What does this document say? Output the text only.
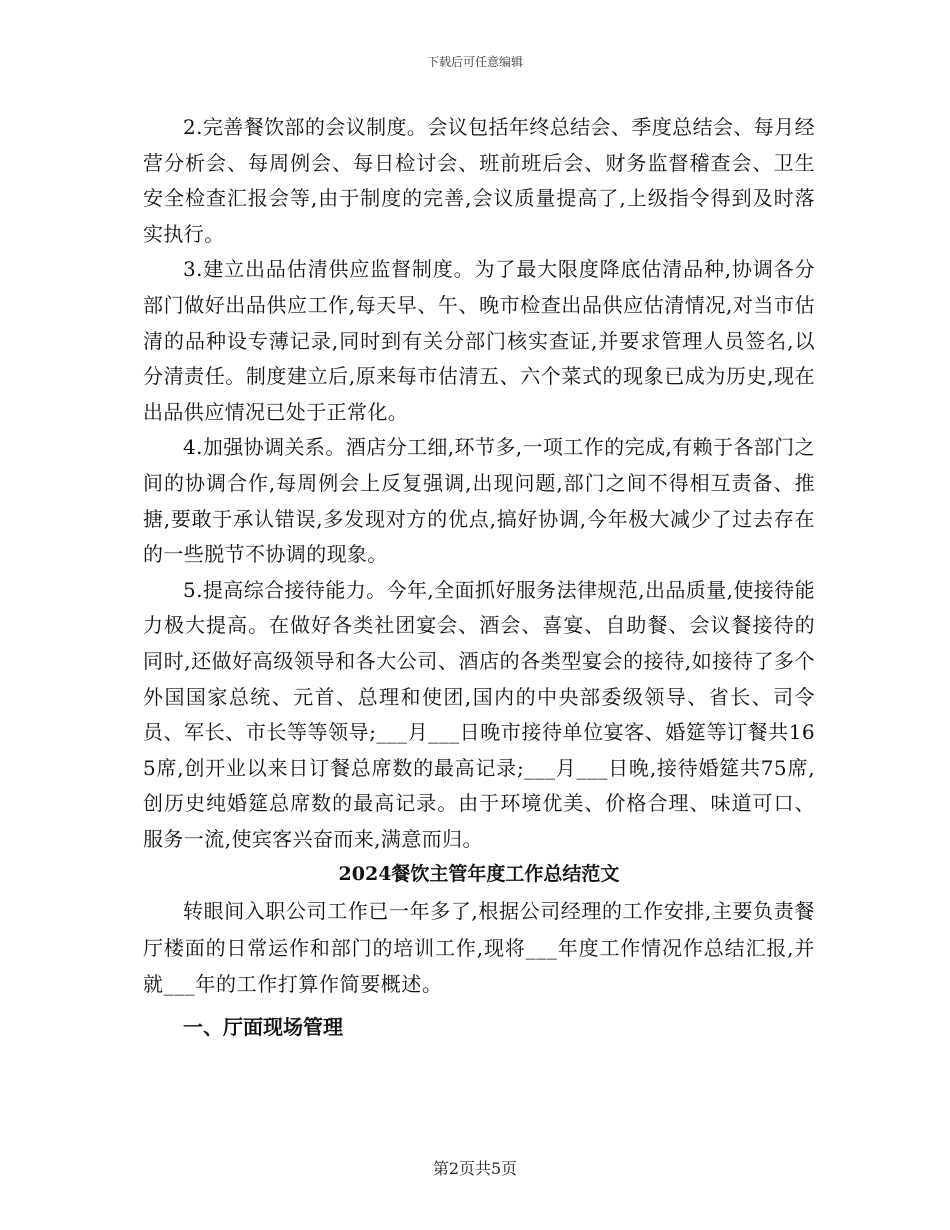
下载后可任意编辑

2.完善餐饮部的会议制度。会议包括年终总结会、季度总结会、每月经营分析会、每周例会、每日检讨会、班前班后会、财务监督稽查会、卫生安全检查汇报会等,由于制度的完善,会议质量提高了,上级指令得到及时落实执行。

3.建立出品估清供应监督制度。为了最大限度降底估清品种,协调各分部门做好出品供应工作,每天早、午、晚市检查出品供应估清情况,对当市估清的品种设专薄记录,同时到有关分部门核实查证,并要求管理人员签名,以分清责任。制度建立后,原来每市估清五、六个菜式的现象已成为历史,现在出品供应情况已处于正常化。

4.加强协调关系。酒店分工细,环节多,一项工作的完成,有赖于各部门之间的协调合作,每周例会上反复强调,出现问题,部门之间不得相互责备、推搪,要敢于承认错误,多发现对方的优点,搞好协调,今年极大减少了过去存在的一些脱节不协调的现象。

5.提高综合接待能力。今年,全面抓好服务法律规范,出品质量,使接待能力极大提高。在做好各类社团宴会、酒会、喜宴、自助餐、会议餐接待的同时,还做好高级领导和各大公司、酒店的各类型宴会的接待,如接待了多个外国国家总统、元首、总理和使团,国内的中央部委级领导、省长、司令员、军长、市长等等领导;___月___日晚市接待单位宴客、婚筵等订餐共165席,创开业以来日订餐总席数的最高记录;___月___日晚,接待婚筵共75席,创历史纯婚筵总席数的最高记录。由于环境优美、价格合理、味道可口、服务一流,使宾客兴奋而来,满意而归。

2024餐饮主管年度工作总结范文

转眼间入职公司工作已一年多了,根据公司经理的工作安排,主要负责餐厅楼面的日常运作和部门的培训工作,现将___年度工作情况作总结汇报,并就___年的工作打算作简要概述。

一、厅面现场管理

第2页共5页
